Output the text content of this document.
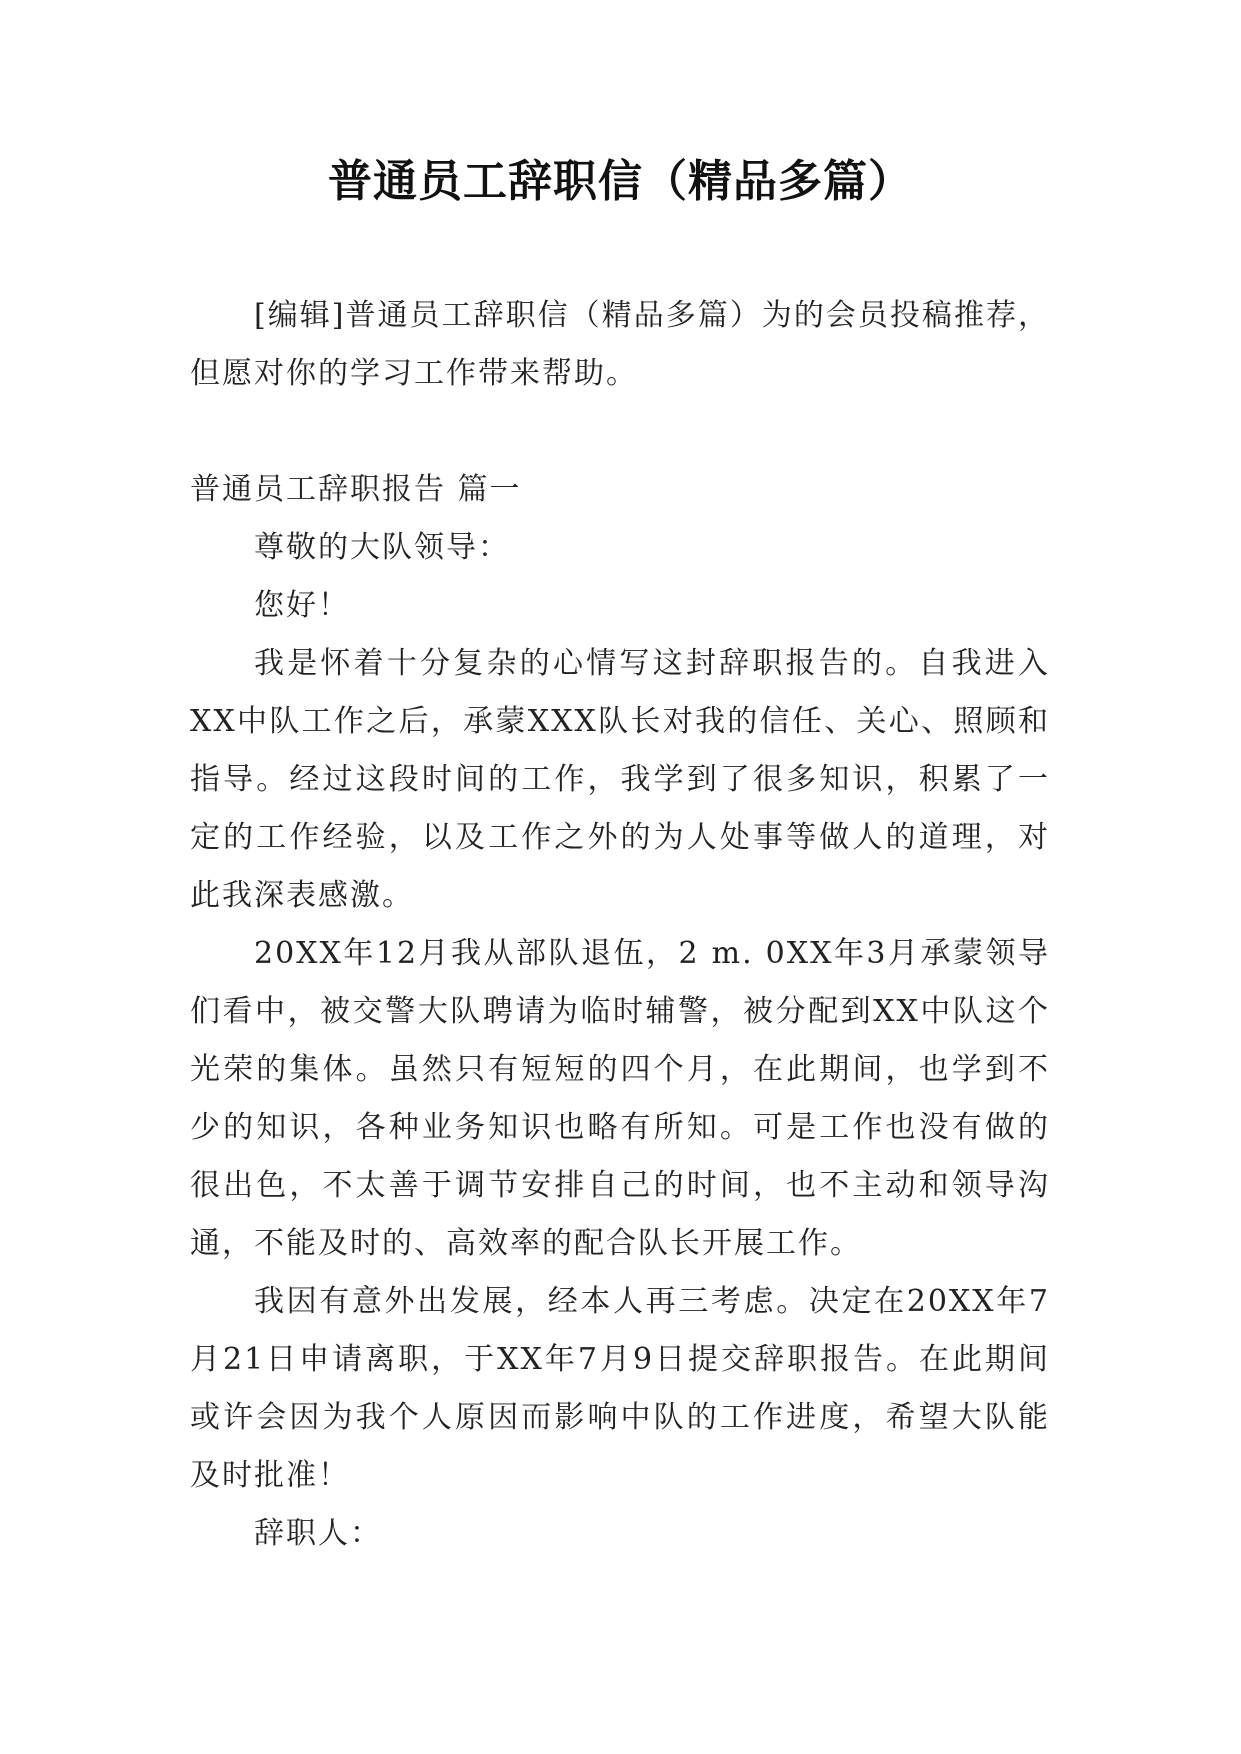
普通员工辞职信（精品多篇）

[编辑]普通员工辞职信（精品多篇）为的会员投稿推荐，但愿对你的学习工作带来帮助。

普通员工辞职报告 篇一

尊敬的大队领导：

您好！

我是怀着十分复杂的心情写这封辞职报告的。自我进入XX中队工作之后，承蒙XXX队长对我的信任、关心、照顾和指导。经过这段时间的工作，我学到了很多知识，积累了一定的工作经验，以及工作之外的为人处事等做人的道理，对此我深表感激。

20XX年12月我从部队退伍，2 m. 0XX年3月承蒙领导们看中，被交警大队聘请为临时辅警，被分配到XX中队这个光荣的集体。虽然只有短短的四个月，在此期间，也学到不少的知识，各种业务知识也略有所知。可是工作也没有做的很出色，不太善于调节安排自己的时间，也不主动和领导沟通，不能及时的、高效率的配合队长开展工作。

我因有意外出发展，经本人再三考虑。决定在20XX年7月21日申请离职，于XX年7月9日提交辞职报告。在此期间或许会因为我个人原因而影响中队的工作进度，希望大队能及时批准！

辞职人：
